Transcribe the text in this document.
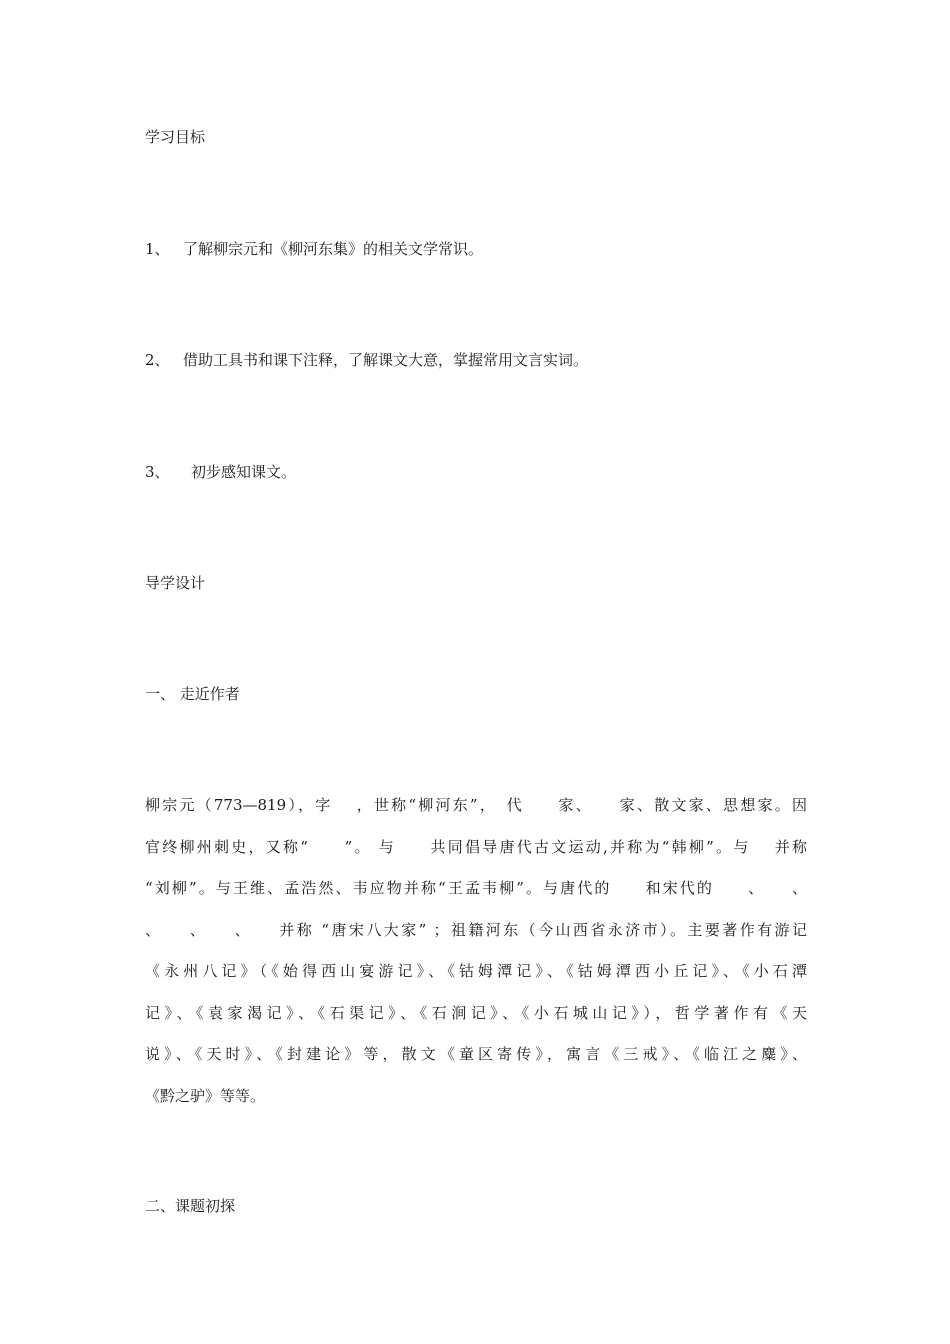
学习目标
1、 了解柳宗元和《柳河东集》的相关文学常识。
2、 借助工具书和课下注释，了解课文大意，掌握常用文言实词。
3、 初步感知课文。
导学设计
一、 走近作者
柳宗元（773—819），字　 ，世称“柳河东”，　代　　家、　　家、散文家、思想家。因
官终柳州刺史，又称“　　”。 与　　共同倡导唐代古文运动,并称为“韩柳”。与　 并称
“刘柳”。与王维、孟浩然、韦应物并称“王孟韦柳”。与唐代的　　和宋代的　　、　　、
、　　、　　、　　并称 “唐宋八大家” ；祖籍河东（今山西省永济市）。主要著作有游记
《永州八记》（《始得西山宴游记》、《钴姆潭记》、《钴姆潭西小丘记》、《小石潭
记》、《袁家渴记》、《石渠记》、《石涧记》、《小石城山记》），哲学著作有《天
说》、《天时》、《封建论》等，散文《童区寄传》，寓言《三戒》、《临江之麋》、
《黔之驴》等等。
二、课题初探
